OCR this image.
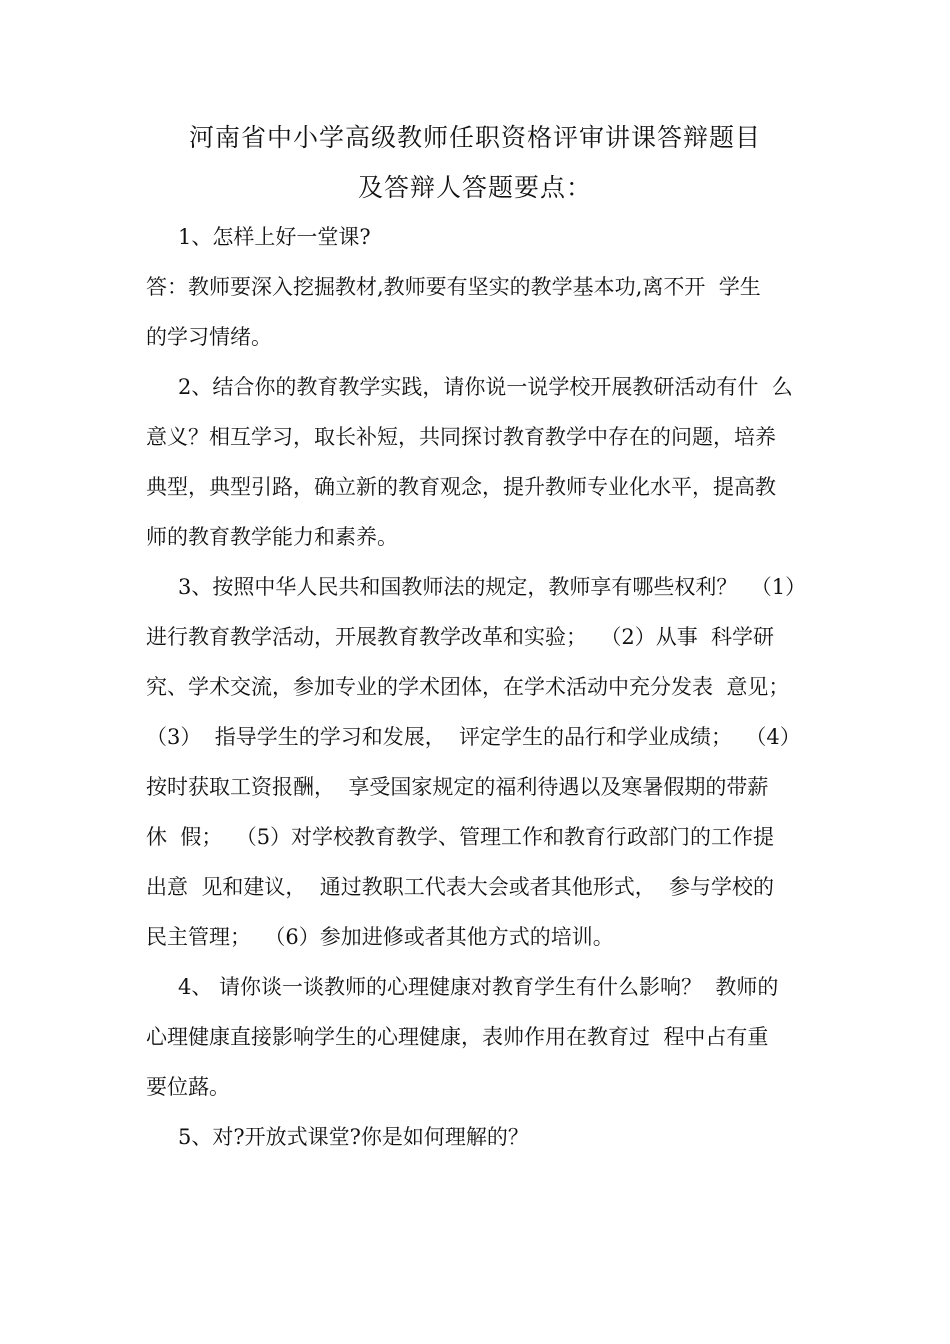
河南省中小学高级教师任职资格评审讲课答辩题目
及答辩人答题要点：
1、怎样上好一堂课?
答：教师要深入挖掘教材,教师要有坚实的教学基本功,离不开  学生
的学习情绪。
2、结合你的教育教学实践，请你说一说学校开展教研活动有什  么
意义？相互学习，取长补短，共同探讨教育教学中存在的问题，培养
典型，典型引路，确立新的教育观念，提升教师专业化水平，提高教
师的教育教学能力和素养。
3、按照中华人民共和国教师法的规定，教师享有哪些权利？  （1）
进行教育教学活动，开展教育教学改革和实验；  （2）从事  科学研
究、学术交流，参加专业的学术团体，在学术活动中充分发表  意见；
（3）  指导学生的学习和发展，  评定学生的品行和学业成绩；  （4）
按时获取工资报酬，  享受国家规定的福利待遇以及寒暑假期的带薪
休  假；  （5）对学校教育教学、管理工作和教育行政部门的工作提
出意  见和建议，  通过教职工代表大会或者其他形式，  参与学校的
民主管理；  （6）参加进修或者其他方式的培训。
4、 请你谈一谈教师的心理健康对教育学生有什么影响？  教师的
心理健康直接影响学生的心理健康，表帅作用在教育过  程中占有重
要位蕗。
5、对?开放式课堂?你是如何理解的？
